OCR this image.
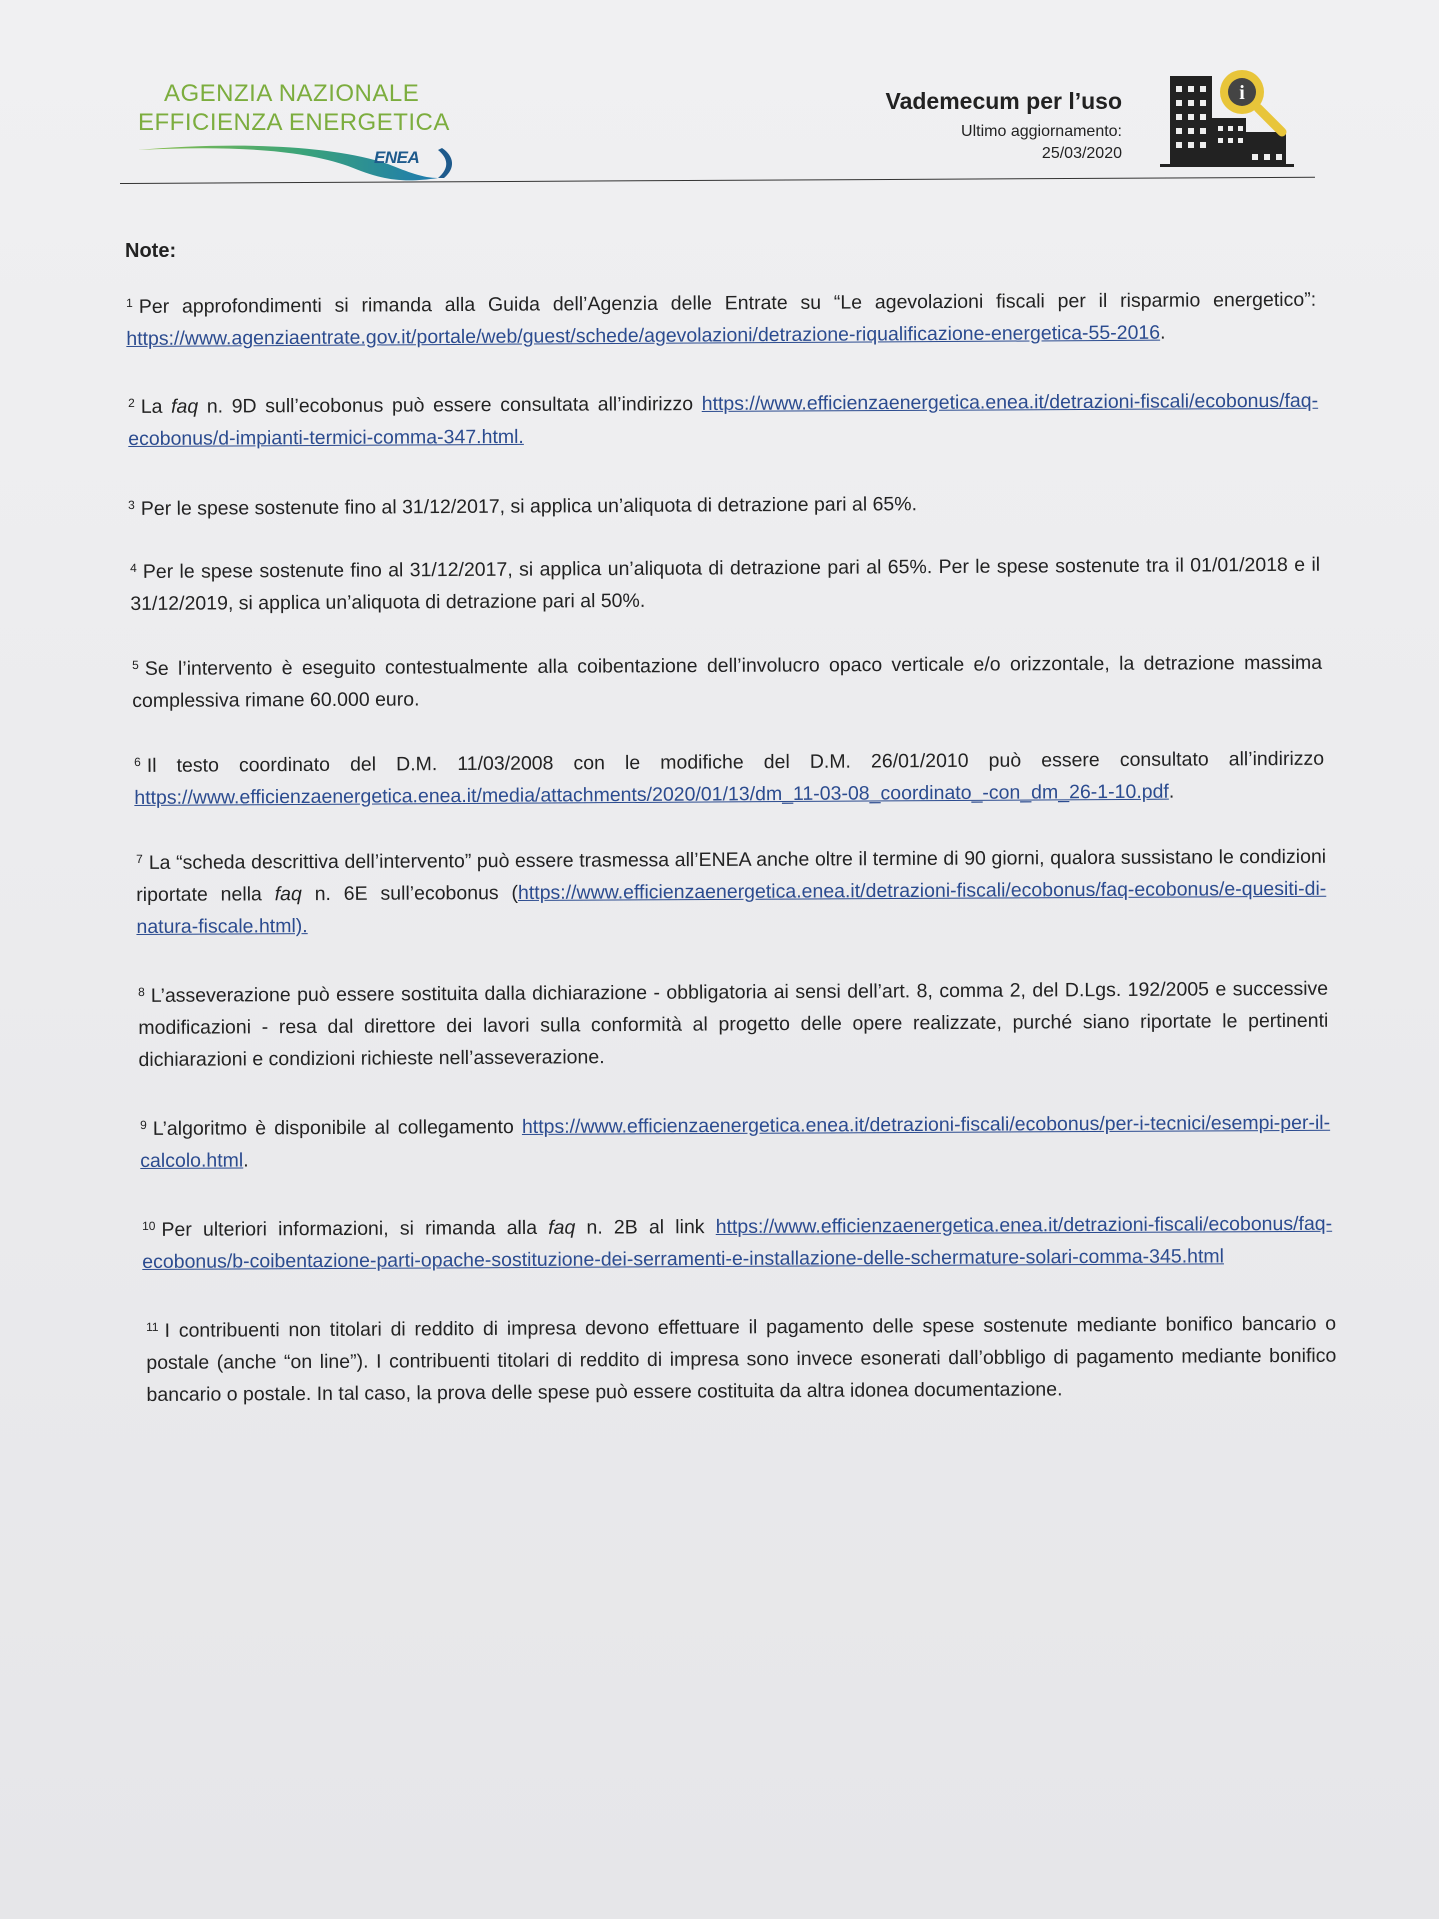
AGENZIA NAZIONALE
EFFICIENZA ENERGETICA
ENEA
Vademecum per l’uso
Ultimo aggiornamento:
25/03/2020
i
Note:

$^1$ Per approfondimenti si rimanda alla Guida dell’Agenzia delle Entrate su “Le agevolazioni fiscali per il risparmio energetico”: https://www.agenziaentrate.gov.it/portale/web/guest/schede/agevolazioni/detrazione-riqualificazione-energetica-55-2016.

$^2$ La faq n. 9D sull’ecobonus può essere consultata all’indirizzo https://www.efficienzaenergetica.enea.it/detrazioni-fiscali/ecobonus/faq-ecobonus/d-impianti-termici-comma-347.html.

$^3$ Per le spese sostenute fino al 31/12/2017, si applica un’aliquota di detrazione pari al 65%.

$^4$ Per le spese sostenute fino al 31/12/2017, si applica un’aliquota di detrazione pari al 65%. Per le spese sostenute tra il 01/01/2018 e il 31/12/2019, si applica un’aliquota di detrazione pari al 50%.

$^5$ Se l’intervento è eseguito contestualmente alla coibentazione dell’involucro opaco verticale e/o orizzontale, la detrazione massima complessiva rimane 60.000 euro.

$^6$ Il testo coordinato del D.M. 11/03/2008 con le modifiche del D.M. 26/01/2010 può essere consultato all’indirizzo https://www.efficienzaenergetica.enea.it/media/attachments/2020/01/13/dm_11-03-08_coordinato_-con_dm_26-1-10.pdf.

$^7$ La “scheda descrittiva dell’intervento” può essere trasmessa all’ENEA anche oltre il termine di 90 giorni, qualora sussistano le condizioni riportate nella faq n. 6E sull’ecobonus (https://www.efficienzaenergetica.enea.it/detrazioni-fiscali/ecobonus/faq-ecobonus/e-quesiti-di-natura-fiscale.html).

$^8$ L’asseverazione può essere sostituita dalla dichiarazione - obbligatoria ai sensi dell’art. 8, comma 2, del D.Lgs. 192/2005 e successive modificazioni - resa dal direttore dei lavori sulla conformità al progetto delle opere realizzate, purché siano riportate le pertinenti dichiarazioni e condizioni richieste nell’asseverazione.

$^9$ L’algoritmo è disponibile al collegamento https://www.efficienzaenergetica.enea.it/detrazioni-fiscali/ecobonus/per-i-tecnici/esempi-per-il-calcolo.html.

$^{10}$ Per ulteriori informazioni, si rimanda alla faq n. 2B al link https://www.efficienzaenergetica.enea.it/detrazioni-fiscali/ecobonus/faq-ecobonus/b-coibentazione-parti-opache-sostituzione-dei-serramenti-e-installazione-delle-schermature-solari-comma-345.html

$^{11}$ I contribuenti non titolari di reddito di impresa devono effettuare il pagamento delle spese sostenute mediante bonifico bancario o postale (anche “on line”). I contribuenti titolari di reddito di impresa sono invece esonerati dall’obbligo di pagamento mediante bonifico bancario o postale. In tal caso, la prova delle spese può essere costituita da altra idonea documentazione.
